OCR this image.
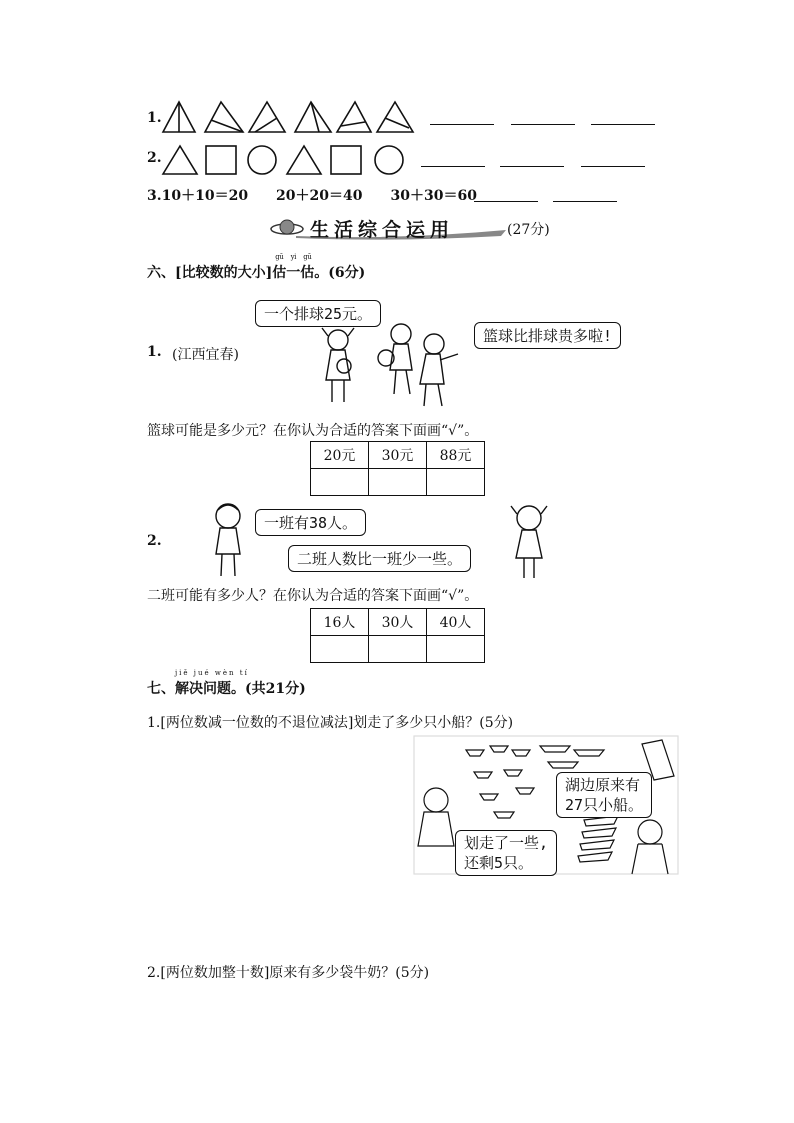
1.
2.
3.10＋10＝20　　20＋20＝40　　30＋30＝60
生活综合运用	(27分)
六、[比较数的大小]
gū
估
yi
一
gū
估。(6分)
1. (江西宜春)
一个排球25元。
篮球比排球贵多啦!
篮球可能是多少元？在你认为合适的答案下面画“√”。
20元	30元	88元

2.
一班有38人。
二班人数比一班少一些。
二班可能有多少人？在你认为合适的答案下面画“√”。
16人	30人	40人

七、
jiě jué wèn tí
解决问题。(共21分)
1.[两位数减一位数的不退位减法]划走了多少只小船？(5分)
湖边原来有
27只小船。
划走了一些,
还剩5只。
2.[两位数加整十数]原来有多少袋牛奶？(5分)
